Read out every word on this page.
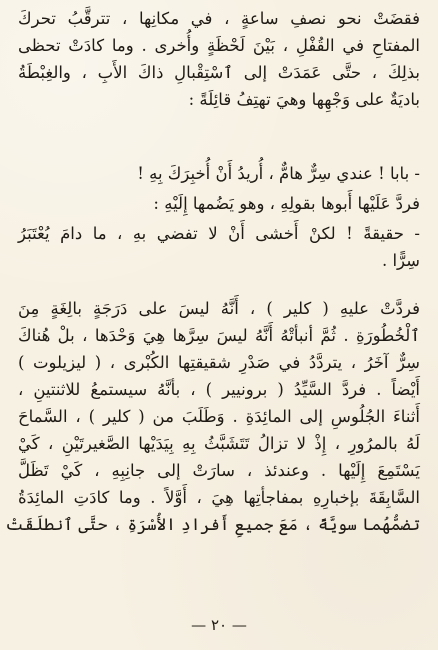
فقضَتْ نحو نصفِ ساعةٍ ، في مكانِها ، تترقَّبُ تحركَ
المفتاحِ في القُفْلِ ، بَيْنَ لَحْظَةٍ وأُخرى . وما كادَتْ تحظى
بذلِكَ ، حتَّى عَمَدَتْ إلى ٱسْتِقْبالِ ذاكَ الأَبِ ، والغِبْطَةُ
باديَةٌ على وَجْهِها وهيَ تهتِفُ قائِلَةً :
- بابا ! عندي سِرٌّ هامٌّ ، أُريدُ أَنْ أُخبِرَكَ بِهِ !
فردَّ عَلَيْها أَبوها بقولِهِ ، وهو يَضُمها إِلَيْهِ :
- حقيقةً ! لكنْ أَخشى أَنْ لا تفضي بهِ ، ما دامَ يُعْتَبَرُ
سِرًّا .
فردَّتْ عليهِ ( كلير ) ، أَنَّهُ ليسَ على دَرَجَةٍ بالِغَةٍ مِنَ
ٱلْخُطُورَةِ . ثُمَّ أنبأتْهُ أَنَّهُ ليسَ سِرَّها هِيَ وَحْدَها ، بلْ هُناكَ
سِرٌّ آخَرُ ، يتردَّدُ في صَدْرِ شقيقتِها الكُبْرى ، ( ليزيلوت )
أَيْضاً . فردَّ السَّيِّدُ ( برونيير ) ، بأنَّهُ سيستمعُ للاثنتينِ ،
أَثناءَ الجُلُوسِ إلى المائِدَةِ . وَطَلَبَ من ( كلير ) ، السَّماحَ
لَهُ بالمرُورِ ، إِذْ لا تزالُ تَتَشَبَّثُ بِهِ بِيَدَيْها الصَّغيرتَيْنِ ، كَيْ
يَسْتَمِعَ إِلَيْها . وعندئذ ، سارَتْ إلى جانِبِهِ ، كَيْ تَظَلَّ
السَّابِقَةَ بإخبارِهِ بمفاجأتِها هِيَ ، أَوَّلاً . وما كادَتِ المائِدَةُ
تضمُّهُما سويَّةً ، مَعَ جميعِ أَفرادِ الأُسْرَةِ ، حتَّى ٱنطلَقَتْ
— ٢٠ —
